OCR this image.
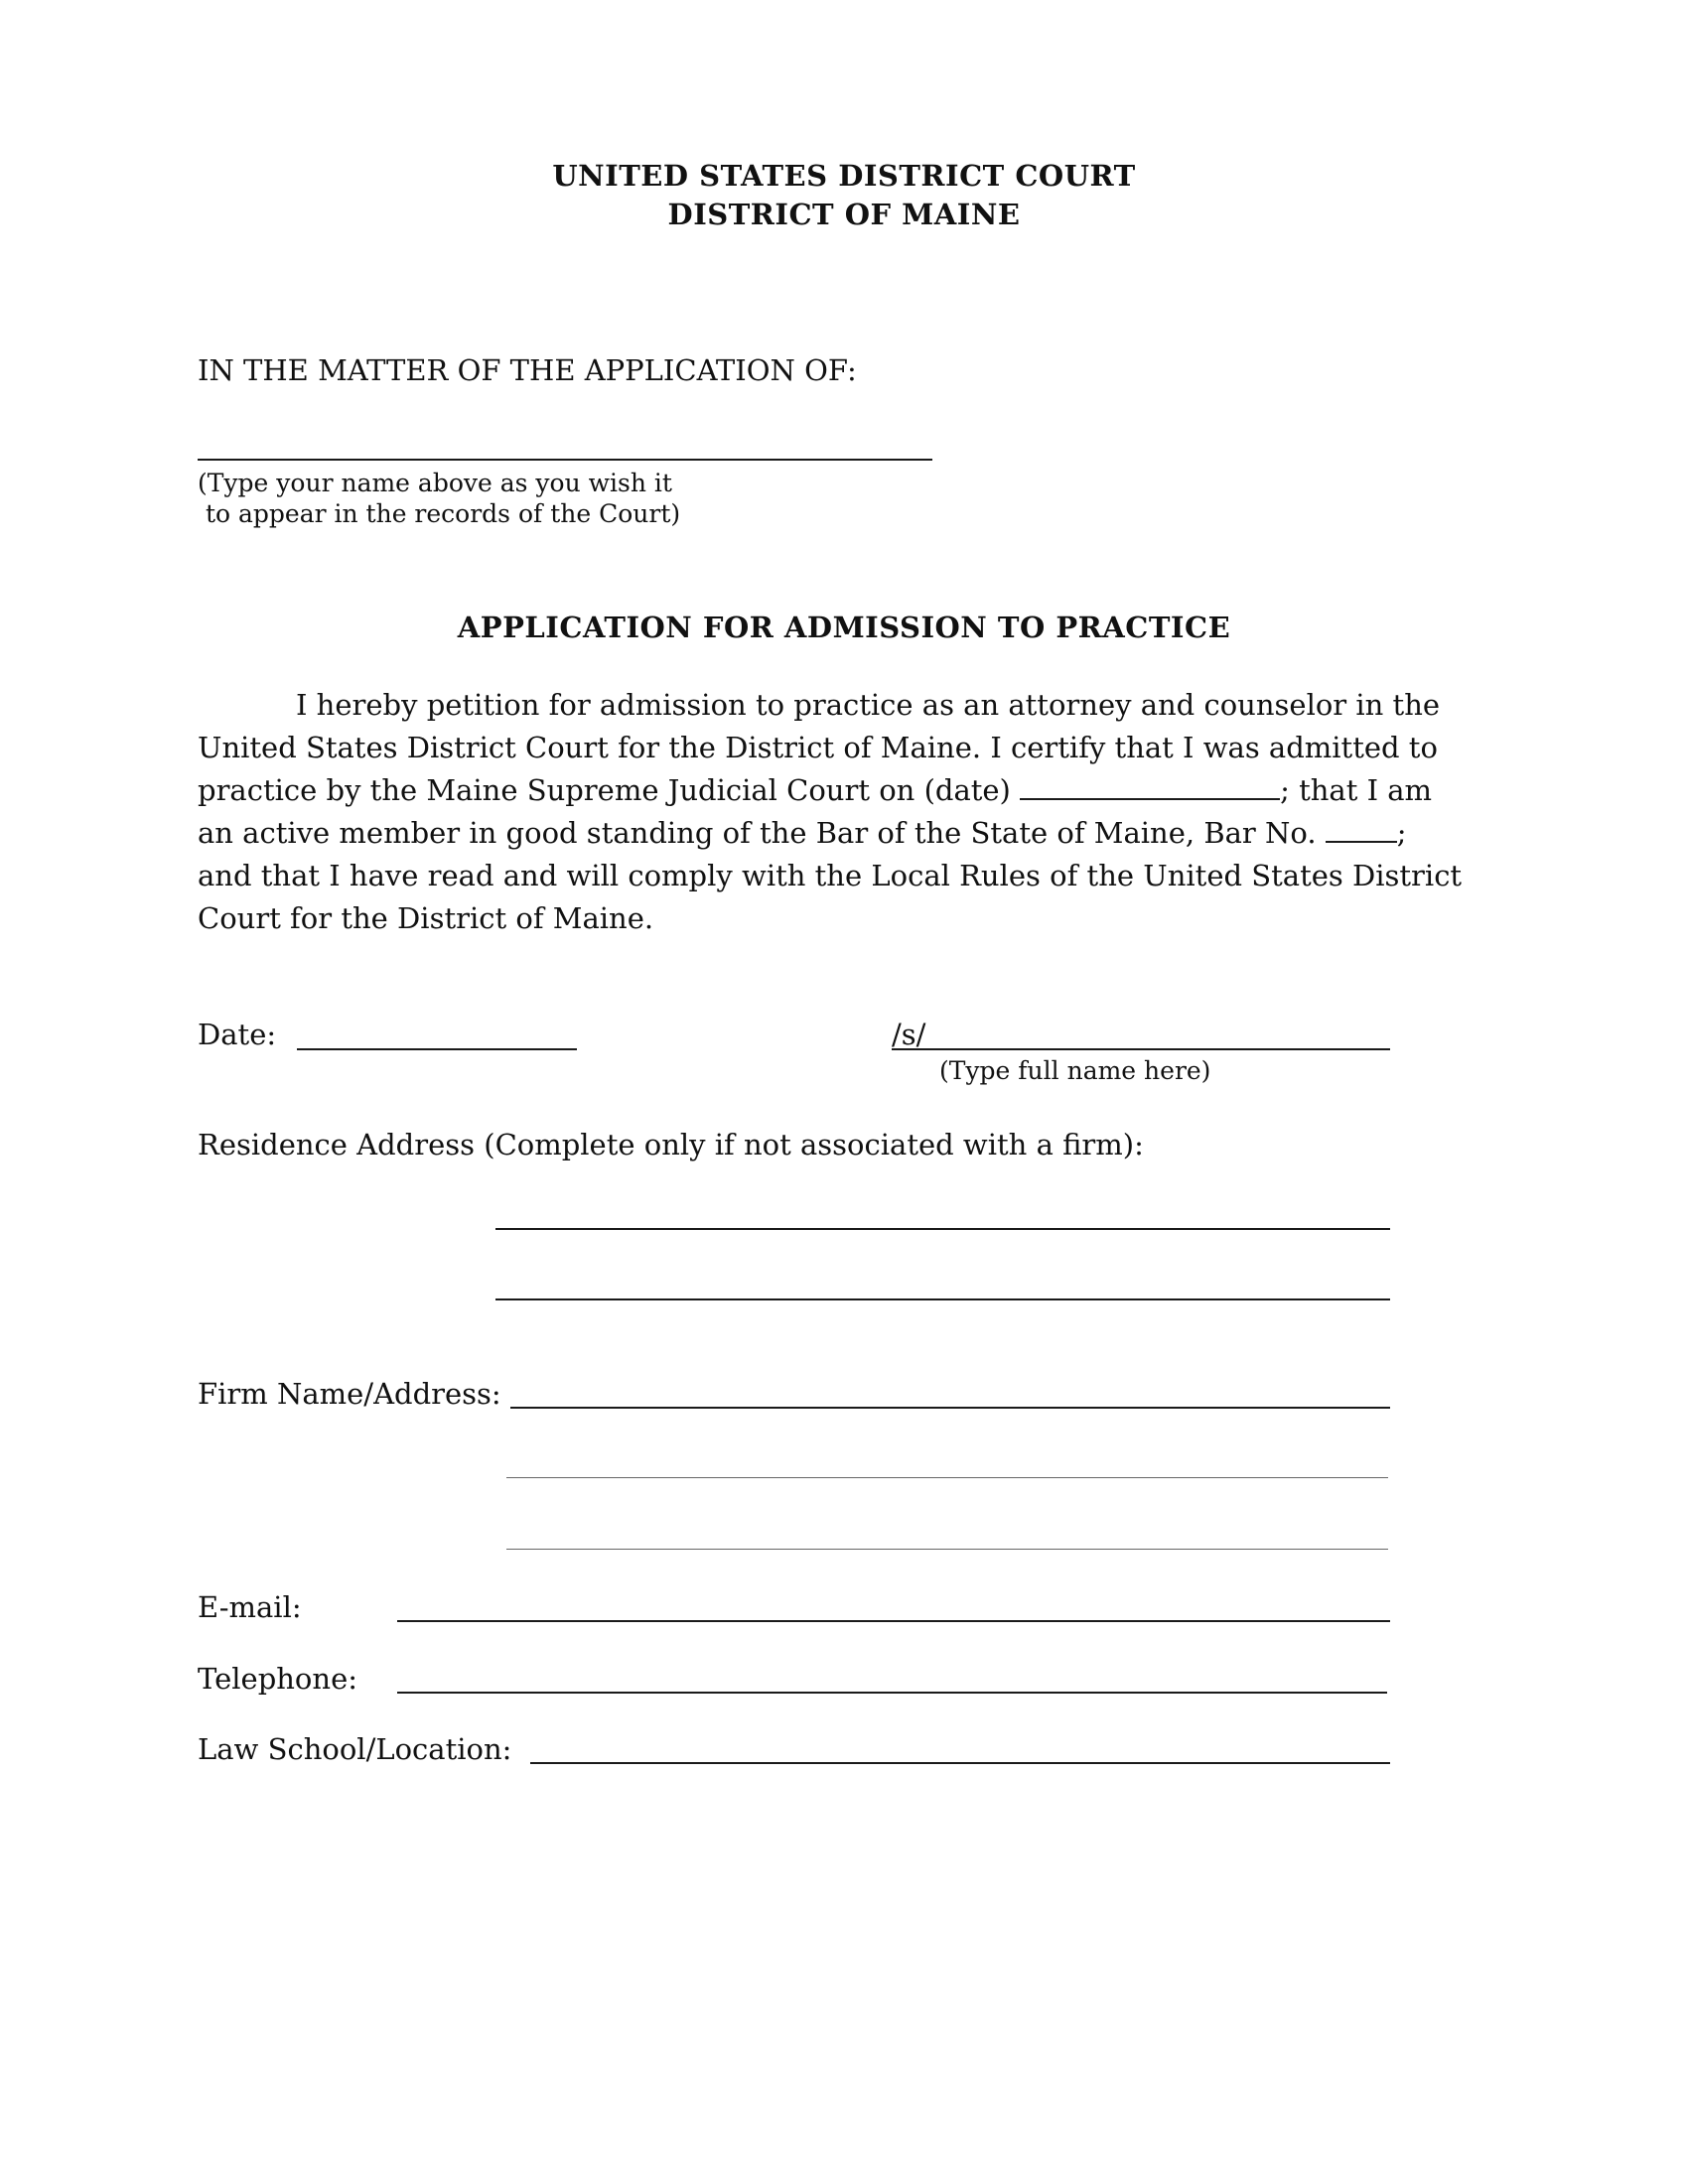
UNITED STATES DISTRICT COURT
DISTRICT OF MAINE
IN THE MATTER OF THE APPLICATION OF:
(Type your name above as you wish it
to appear in the records of the Court)
APPLICATION FOR ADMISSION TO PRACTICE
I hereby petition for admission to practice as an attorney and counselor in the
United States District Court for the District of Maine. I certify that I was admitted to
practice by the Maine Supreme Judicial Court on (date)	; that I am
an active member in good standing of the Bar of the State of Maine, Bar No. ;
and that I have read and will comply with the Local Rules of the United States District
Court for the District of Maine.
Date:	/s/
(Type full name here)
Residence Address (Complete only if not associated with a firm):
Firm Name/Address:
E-mail:
Telephone:
Law School/Location:
